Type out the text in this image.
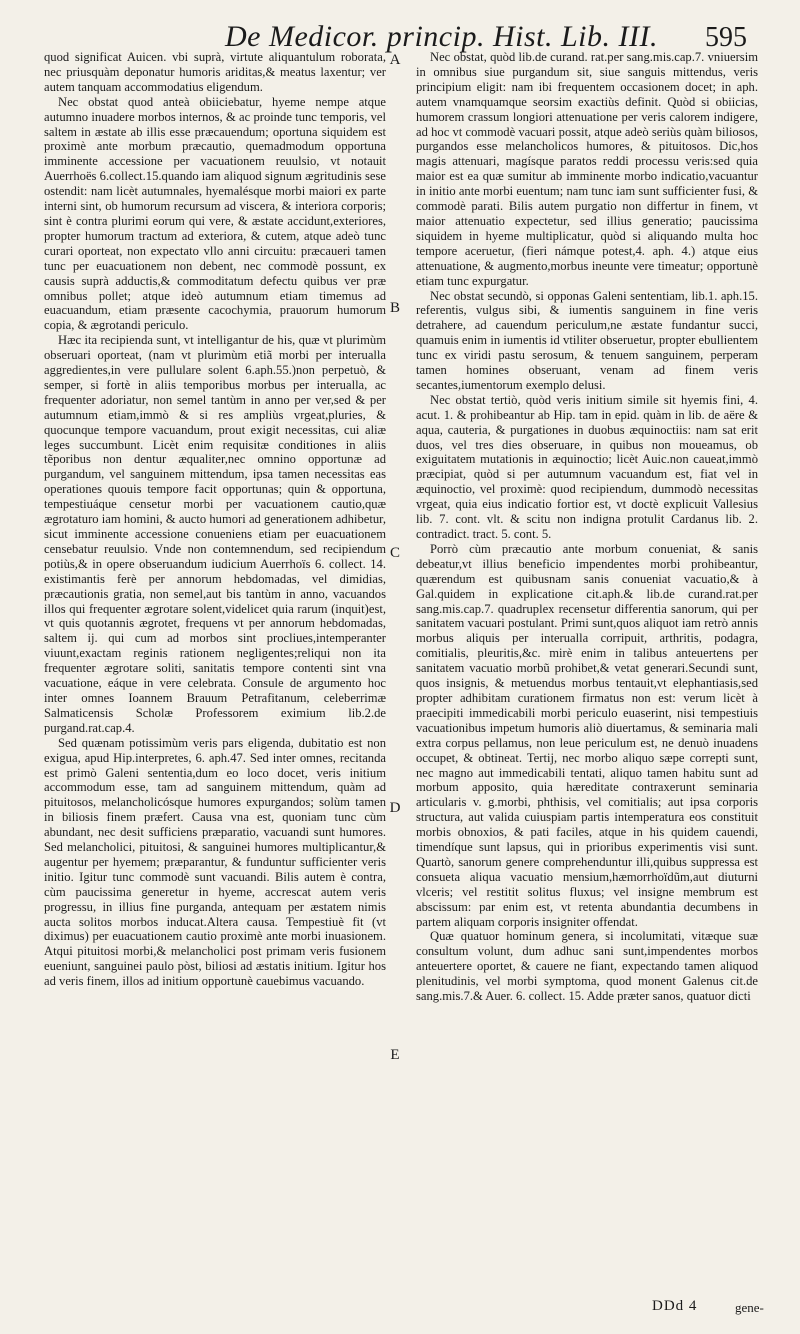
De Medicor. princip. Hist. Lib. III. 595

quod significat Auicen. vbi suprà, virtute aliquantulum roborata, nec priusquàm deponatur humoris ariditas,& meatus laxentur; ver autem tanquam accommodatius eligendum.

Nec obstat quod anteà obiiciebatur, hyeme nempe atque autumno inuadere morbos internos, & ac proinde tunc temporis, vel saltem in æstate ab illis esse præcauendum; oportuna siquidem est proximè ante morbum præcautio, quemadmodum opportuna imminente accessione per vacuationem reuulsio, vt notauit Auerrhoës 6.collect.15.quando iam aliquod signum ægritudinis sese ostendit: nam licèt autumnales, hyemalésque morbi maiori ex parte interni sint, ob humorum recursum ad viscera, & interiora corporis; sint è contra plurimi eorum qui vere, & æstate accidunt,exteriores, propter humorum tractum ad exteriora, & cutem, atque adeò tunc curari oporteat, non expectato vllo anni circuitu: præcaueri tamen tunc per euacuationem non debent, nec commodè possunt, ex causis suprà adductis,& commoditatum defectu quibus ver præ omnibus pollet; atque ideò autumnum etiam timemus ad euacuandum, etiam præsente cacochymia, prauorum humorum copia, & ægrotandi periculo.

Hæc ita recipienda sunt, vt intelligantur de his, quæ vt plurimùm obseruari oporteat, (nam vt plurimùm etiã morbi per interualla aggredientes,in vere pullulare solent 6.aph.55.)non perpetuò, & semper, si fortè in aliis temporibus morbus per interualla, ac frequenter adoriatur, non semel tantùm in anno per ver,sed & per autumnum etiam,immò & si res ampliùs vrgeat,pluries, & quocunque tempore vacuandum, prout exigit necessitas, cui aliæ leges succumbunt. Licèt enim requisitæ conditiones in aliis tẽporibus non dentur æqualiter,nec omnino opportunæ ad purgandum, vel sanguinem mittendum, ipsa tamen necessitas eas operationes quouis tempore facit opportunas; quin & opportuna, tempestiuáque censetur morbi per vacuationem cautio,quæ ægrotaturo iam homini, & aucto humori ad generationem adhibetur, sicut imminente accessione conueniens etiam per euacuationem censebatur reuulsio. Vnde non contemnendum, sed recipiendum potiùs,& in opere obseruandum iudicium Auerrhoïs 6. collect. 14. existimantis ferè per annorum hebdomadas, vel dimidias, præcautionis gratia, non semel,aut bis tantùm in anno, vacuandos illos qui frequenter ægrotare solent,videlicet quia rarum (inquit)est, vt quis quotannis ægrotet, frequens vt per annorum hebdomadas, saltem ij. qui cum ad morbos sint procliues,intemperanter viuunt,exactam reginis rationem negligentes;reliqui non ita frequenter ægrotare soliti, sanitatis tempore contenti sint vna vacuatione, eáque in vere celebrata. Consule de argumento hoc inter omnes Ioannem Brauum Petrafitanum, celeberrimæ Salmaticensis Scholæ Professorem eximium lib.2.de purgand.rat.cap.4.

Sed quænam potissimùm veris pars eligenda, dubitatio est non exigua, apud Hip.interpretes, 6. aph.47. Sed inter omnes, recitanda est primò Galeni sententia,dum eo loco docet, veris initium accommodum esse, tam ad sanguinem mittendum, quàm ad pituitosos, melancholicósque humores expurgandos; solùm tamen in biliosis finem præfert. Causa vna est, quoniam tunc cùm abundant, nec desit sufficiens præparatio, vacuandi sunt humores. Sed melancholici, pituitosi, & sanguinei humores multiplicantur,& augentur per hyemem; præparantur, & funduntur sufficienter veris initio. Igitur tunc commodè sunt vacuandi. Bilis autem è contra, cùm paucissima generetur in hyeme, accrescat autem veris progressu, in illius fine purganda, antequam per æstatem nimis aucta solitos morbos inducat.Altera causa. Tempestiuè fit (vt diximus) per euacuationem cautio proximè ante morbi inuasionem. Atqui pituitosi morbi,& melancholici post primam veris fusionem eueniunt, sanguinei paulo pòst, biliosi ad æstatis initium. Igitur hos ad veris finem, illos ad initium opportunè cauebimus vacuando.

A
B
C
D
E

Nec obstat, quòd lib.de curand. rat.per sang.mis.cap.7. vniuersim in omnibus siue purgandum sit, siue sanguis mittendus, veris principium eligit: nam ibi frequentem occasionem docet; in aph. autem vnamquamque seorsim exactiùs definit. Quòd si obiicias, humorem crassum longiori attenuatione per veris calorem indigere, ad hoc vt commodè vacuari possit, atque adeò seriùs quàm biliosos, purgandos esse melancholicos humores, & pituitosos. Dic,hos magis attenuari, magísque paratos reddi processu veris:sed quia maior est ea quæ sumitur ab imminente morbo indicatio,vacuantur in initio ante morbi euentum; nam tunc iam sunt sufficienter fusi, & commodè parati. Bilis autem purgatio non differtur in finem, vt maior attenuatio expectetur, sed illius generatio; paucissima siquidem in hyeme multiplicatur, quòd si aliquando multa hoc tempore aceruetur, (fieri námque potest,4. aph. 4.) atque eius attenuatione, & augmento,morbus ineunte vere timeatur; opportunè etiam tunc expurgatur.

Nec obstat secundò, si opponas Galeni sententiam, lib.1. aph.15. referentis, vulgus sibi, & iumentis sanguinem in fine veris detrahere, ad cauendum periculum,ne æstate fundantur succi, quamuis enim in iumentis id vtiliter obseruetur, propter ebullientem tunc ex viridi pastu serosum, & tenuem sanguinem, perperam tamen homines obseruant, venam ad finem veris secantes,iumentorum exemplo delusi.

Nec obstat tertiò, quòd veris initium simile sit hyemis fini, 4. acut. 1. & prohibeantur ab Hip. tam in epid. quàm in lib. de aëre & aqua, cauteria, & purgationes in duobus æquinoctiis: nam sat erit duos, vel tres dies obseruare, in quibus non moueamus, ob exiguitatem mutationis in æquinoctio; licèt Auic.non caueat,immò præcipiat, quòd si per autumnum vacuandum est, fiat vel in æquinoctio, vel proximè: quod recipiendum, dummodò necessitas vrgeat, quia eius indicatio fortior est, vt doctè explicuit Vallesius lib. 7. cont. vlt. & scitu non indigna protulit Cardanus lib. 2. contradict. tract. 5. cont. 5.

Porrò cùm præcautio ante morbum conueniat, & sanis debeatur,vt illius beneficio impendentes morbi prohibeantur, quærendum est quibusnam sanis conueniat vacuatio,& à Gal.quidem in explicatione cit.aph.& lib.de curand.rat.per sang.mis.cap.7. quadruplex recensetur differentia sanorum, qui per sanitatem vacuari postulant. Primi sunt,quos aliquot iam retrò annis morbus aliquis per interualla corripuit, arthritis, podagra, comitialis, pleuritis,&c. mirè enim in talibus anteuertens per sanitatem vacuatio morbũ prohibet,& vetat generari.Secundi sunt, quos insignis, & metuendus morbus tentauit,vt elephantiasis,sed propter adhibitam curationem firmatus non est: verum licèt à praecipiti immedicabili morbi periculo euaserint, nisi tempestiuis vacuationibus impetum humoris aliò diuertamus, & seminaria mali extra corpus pellamus, non leue periculum est, ne denuò inuadens occupet, & obtineat. Tertij, nec morbo aliquo sæpe correpti sunt, nec magno aut immedicabili tentati, aliquo tamen habitu sunt ad morbum apposito, quia hæreditate contraxerunt seminaria articularis v. g.morbi, phthisis, vel comitialis; aut ipsa corporis structura, aut valida cuiuspiam partis intemperatura eos constituit morbis obnoxios, & pati faciles, atque in his quidem cauendi, timendíque sunt lapsus, qui in prioribus experimentis visi sunt. Quartò, sanorum genere comprehenduntur illi,quibus suppressa est consueta aliqua vacuatio mensium,hæmorrhoïdũm,aut diuturni vlceris; vel restitit solitus fluxus; vel insigne membrum est abscissum: par enim est, vt retenta abundantia decumbens in partem aliquam corporis insigniter offendat.

Quæ quatuor hominum genera, si incolumitati, vitæque suæ consultum volunt, dum adhuc sani sunt,impendentes morbos anteuertere oportet, & cauere ne fiant, expectando tamen aliquod plenitudinis, vel morbi symptoma, quod monent Galenus cit.de sang.mis.7.& Auer. 6. collect. 15. Adde præter sanos, quatuor dicti

DDd 4	gene-
